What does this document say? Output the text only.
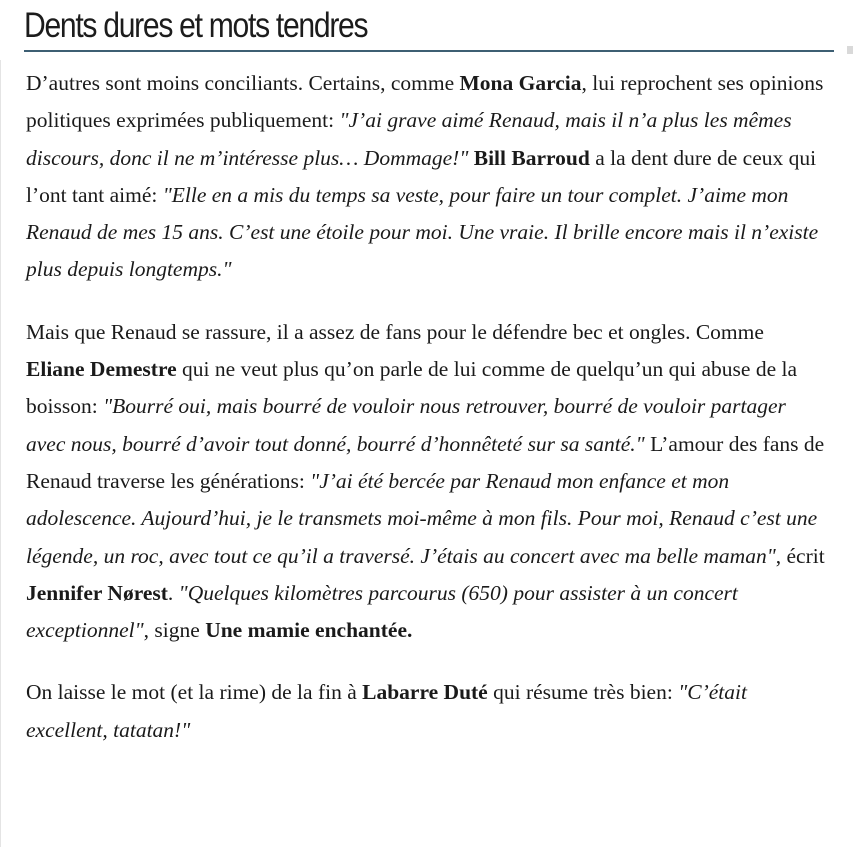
Dents dures et mots tendres

D’autres sont moins conciliants. Certains, comme Mona Garcia, lui reprochent ses opinions politiques exprimées publiquement: "J’ai grave aimé Renaud, mais il n’a plus les mêmes discours, donc il ne m’intéresse plus… Dommage!" Bill Barroud a la dent dure de ceux qui l’ont tant aimé: "Elle en a mis du temps sa veste, pour faire un tour complet. J’aime mon Renaud de mes 15 ans. C’est une étoile pour moi. Une vraie. Il brille encore mais il n’existe plus depuis longtemps."

Mais que Renaud se rassure, il a assez de fans pour le défendre bec et ongles. Comme Eliane Demestre qui ne veut plus qu’on parle de lui comme de quelqu’un qui abuse de la boisson: "Bourré oui, mais bourré de vouloir nous retrouver, bourré de vouloir partager avec nous, bourré d’avoir tout donné, bourré d’honnêteté sur sa santé." L’amour des fans de Renaud traverse les générations: "J’ai été bercée par Renaud mon enfance et mon adolescence. Aujourd’hui, je le transmets moi-même à mon fils. Pour moi, Renaud c’est une légende, un roc, avec tout ce qu’il a traversé. J’étais au concert avec ma belle maman", écrit Jennifer Nørest. "Quelques kilomètres parcourus (650) pour assister à un concert exceptionnel", signe Une mamie enchantée.

On laisse le mot (et la rime) de la fin à Labarre Duté qui résume très bien: "C’était excellent, tatatan!"
